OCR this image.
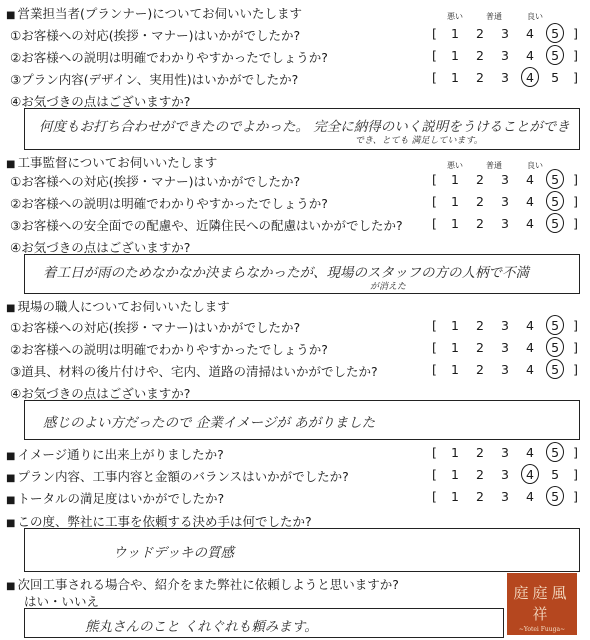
■ 営業担当者(プランナー)についてお伺いいたします	悪い	普通	良い
①お客様への対応(挨拶・マナー)はいかがでしたか?	[ 1 2 3 4 5 ]
②お客様への説明は明確でわかりやすかったでしょうか?	[ 1 2 3 4 5 ]
③プラン内容(デザイン、実用性)はいかがでしたか?	[ 1 2 3 4 5 ]
④お気づきの点はございますか?
何度もお打ち合わせができたのでよかった。 完全に納得のいく説明をうけることができ
でき、とても 満足しています。
■ 工事監督についてお伺いいたします	悪い	普通	良い
①お客様への対応(挨拶・マナー)はいかがでしたか?	[ 1 2 3 4 5 ]
②お客様への説明は明確でわかりやすかったでしょうか?	[ 1 2 3 4 5 ]
③お客様への安全面での配慮や、近隣住民への配慮はいかがでしたか? [ 1 2 3 4 5 ]
④お気づきの点はございますか?
着工日が雨のためなかなか決まらなかったが、現場のスタッフの方の人柄で不満
が消えた
■ 現場の職人についてお伺いいたします
①お客様への対応(挨拶・マナー)はいかがでしたか?	[ 1 2 3 4 5 ]
②お客様への説明は明確でわかりやすかったでしょうか?	[ 1 2 3 4 5 ]
③道具、材料の後片付けや、宅内、道路の清掃はいかがでしたか?	[ 1 2 3 4 5 ]
④お気づきの点はございますか?
感じのよい方だったので 企業イメージが あがりました
■ イメージ通りに出来上がりましたか?	[ 1 2 3 4 5 ]
■ プラン内容、工事内容と金額のバランスはいかがでしたか?	[ 1 2 3 4 5 ]
■ トータルの満足度はいかがでしたか?	[ 1 2 3 4 5 ]
■ この度、弊社に工事を依頼する決め手は何でしたか?
ウッドデッキの質感
■ 次回工事される場合や、紹介をまた弊社に依頼しようと思いますか?
はい・いいえ
熊丸さんのこと くれぐれも頼みます。
庭庭風祥
~Yotei Fuuga~
